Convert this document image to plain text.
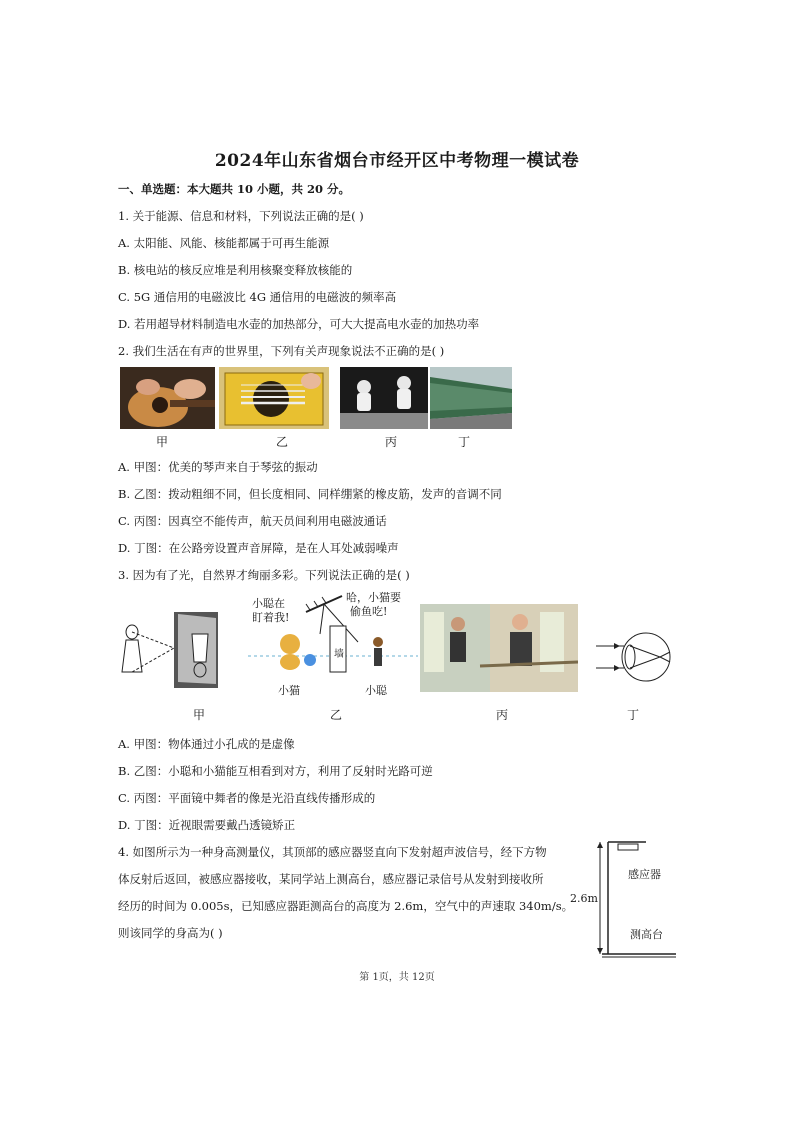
2024年山东省烟台市经开区中考物理一模试卷
一、单选题：本大题共 10 小题，共 20 分。
1. 关于能源、信息和材料，下列说法正确的是( )
A. 太阳能、风能、核能都属于可再生能源
B. 核电站的核反应堆是利用核聚变释放核能的
C. 5G 通信用的电磁波比 4G 通信用的电磁波的频率高
D. 若用超导材料制造电水壶的加热部分，可大大提高电水壶的加热功率
2. 我们生活在有声的世界里，下列有关声现象说法不正确的是( )
甲	乙	丙	丁
A. 甲图：优美的琴声来自于琴弦的振动
B. 乙图：拨动粗细不同，但长度相同、同样绷紧的橡皮筋，发声的音调不同
C. 丙图：因真空不能传声，航天员间利用电磁波通话
D. 丁图：在公路旁设置声音屏障，是在人耳处减弱噪声
3. 因为有了光，自然界才绚丽多彩。下列说法正确的是( )
小聪在
盯着我!
哈，小猫要
偷鱼吃!
墙
小猫	小聪
甲	乙	丙	丁
A. 甲图：物体通过小孔成的是虚像
B. 乙图：小聪和小猫能互相看到对方，利用了反射时光路可逆
C. 丙图：平面镜中舞者的像是光沿直线传播形成的
D. 丁图：近视眼需要戴凸透镜矫正
4. 如图所示为一种身高测量仪，其顶部的感应器竖直向下发射超声波信号，经下方物
体反射后返回，被感应器接收，某同学站上测高台，感应器记录信号从发射到接收所
经历的时间为 0.005s，已知感应器距测高台的高度为 2.6m，空气中的声速取 340m/s。
则该同学的身高为( )
感应器
2.6m
测高台
第 1页，共 12页
